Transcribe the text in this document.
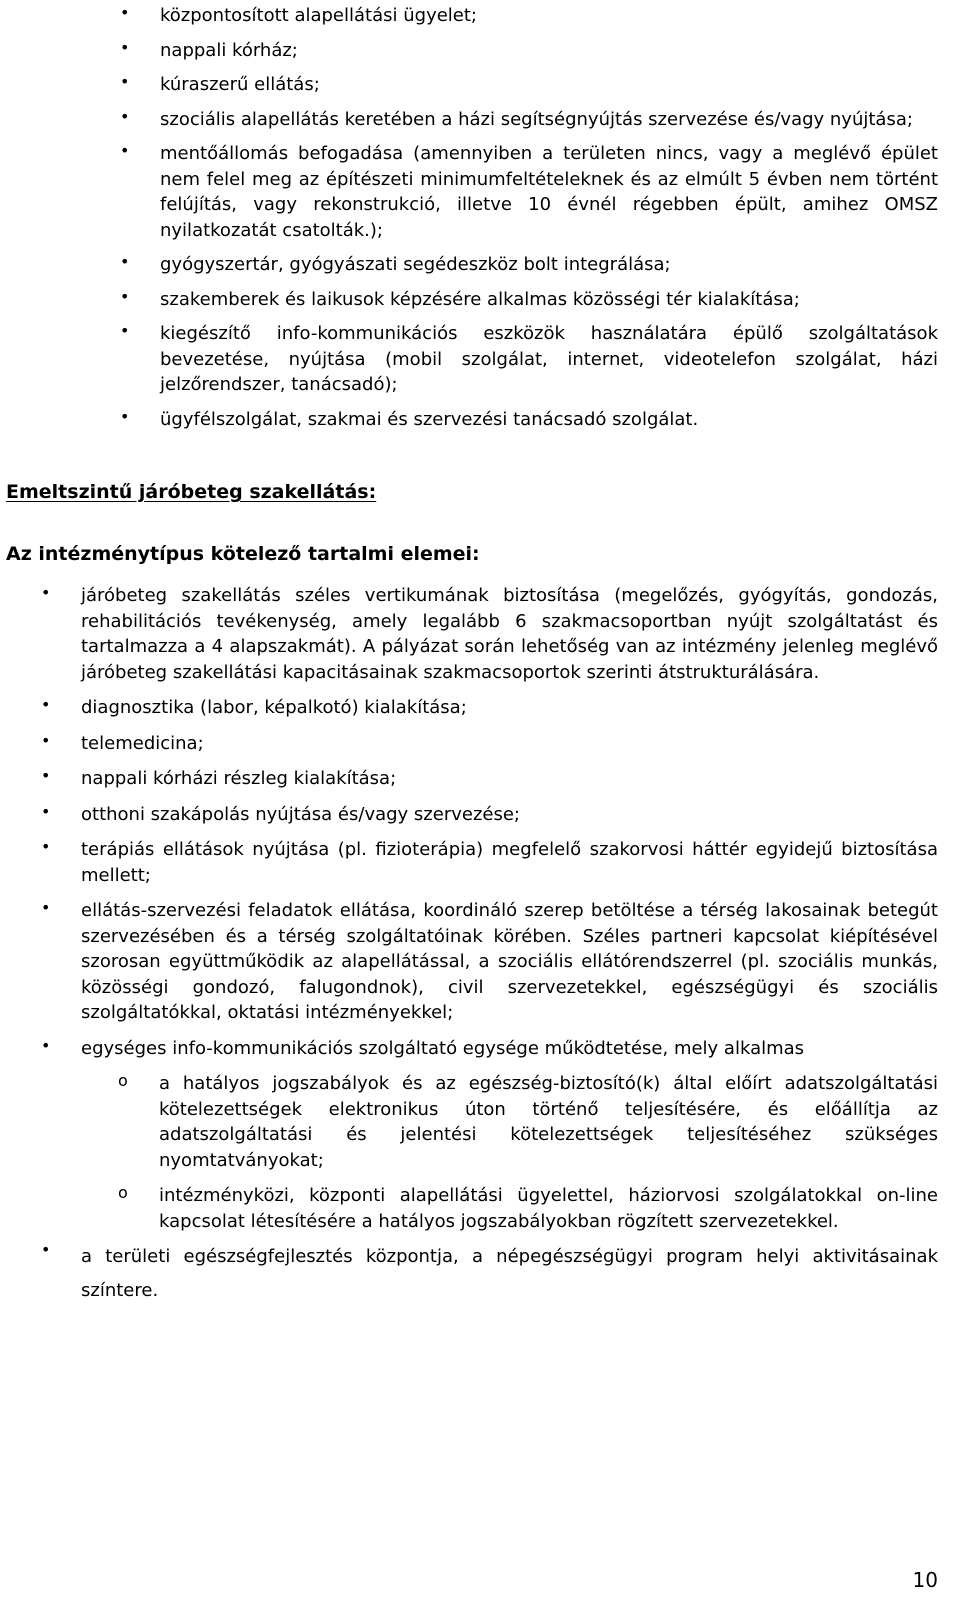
• központosított alapellátási ügyelet;

• nappali kórház;

• kúraszerű ellátás;

• szociális alapellátás keretében a házi segítségnyújtás szervezése és/vagy nyújtása;

• mentőállomás befogadása (amennyiben a területen nincs, vagy a meglévő épület nem felel meg az építészeti minimumfeltételeknek és az elmúlt 5 évben nem történt felújítás, vagy rekonstrukció, illetve 10 évnél régebben épült, amihez OMSZ nyilatkozatát csatolták.);

• gyógyszertár, gyógyászati segédeszköz bolt integrálása;

• szakemberek és laikusok képzésére alkalmas közösségi tér kialakítása;

• kiegészítő info-kommunikációs eszközök használatára épülő szolgáltatások bevezetése, nyújtása (mobil szolgálat, internet, videotelefon szolgálat, házi jelzőrendszer, tanácsadó);

• ügyfélszolgálat, szakmai és szervezési tanácsadó szolgálat.

Emeltszintű járóbeteg szakellátás:
Az intézménytípus kötelező tartalmi elemei:
• járóbeteg szakellátás széles vertikumának biztosítása (megelőzés, gyógyítás, gondozás, rehabilitációs tevékenység, amely legalább 6 szakmacsoportban nyújt szolgáltatást és tartalmazza a 4 alapszakmát). A pályázat során lehetőség van az intézmény jelenleg meglévő járóbeteg szakellátási kapacitásainak szakmacsoportok szerinti átstrukturálására.

• diagnosztika (labor, képalkotó) kialakítása;

• telemedicina;

• nappali kórházi részleg kialakítása;

• otthoni szakápolás nyújtása és/vagy szervezése;

• terápiás ellátások nyújtása (pl. fizioterápia) megfelelő szakorvosi háttér egyidejű biztosítása mellett;

• ellátás-szervezési feladatok ellátása, koordináló szerep betöltése a térség lakosainak betegút szervezésében és a térség szolgáltatóinak körében. Széles partneri kapcsolat kiépítésével szorosan együttműködik az alapellátással, a szociális ellátórendszerrel (pl. szociális munkás, közösségi gondozó, falugondnok), civil szervezetekkel, egészségügyi és szociális szolgáltatókkal, oktatási intézményekkel;

• egységes info-kommunikációs szolgáltató egysége működtetése, mely alkalmas

o a hatályos jogszabályok és az egészség-biztosító(k) által előírt adatszolgáltatási kötelezettségek elektronikus úton történő teljesítésére, és előállítja az adatszolgáltatási és jelentési kötelezettségek teljesítéséhez szükséges nyomtatványokat;

o intézményközi, központi alapellátási ügyelettel, háziorvosi szolgálatokkal on-line kapcsolat létesítésére a hatályos jogszabályokban rögzített szervezetekkel.

• a területi egészségfejlesztés központja, a népegészségügyi program helyi aktivitásainak színtere.

10
